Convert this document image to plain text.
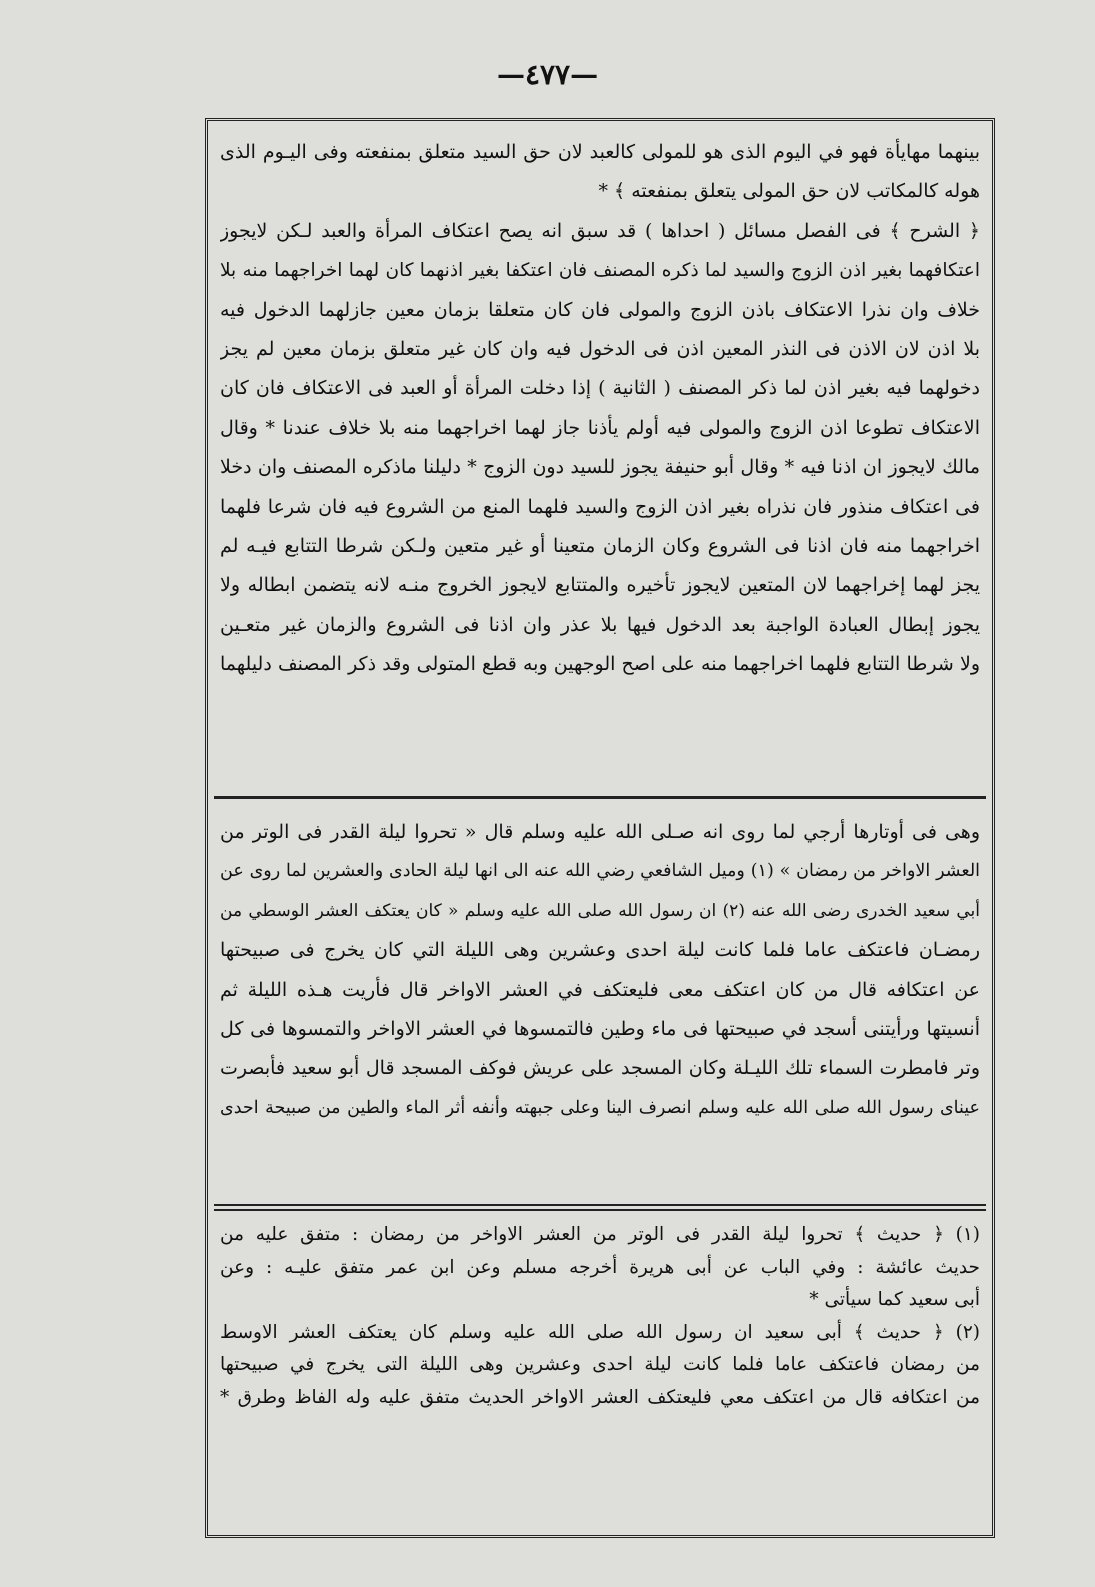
—٤٧٧—
بينهما مهايأة فهو في اليوم الذى هو للمولى كالعبد لان حق السيد متعلق بمنفعته وفى اليـوم الذى
هوله كالمكاتب لان حق المولى يتعلق بمنفعته ﴾ *
﴿ الشرح ﴾ فى الفصل مسائل ( احداها ) قد سبق انه يصح اعتكاف المرأة والعبد لـكن لايجوز
اعتكافهما بغير اذن الزوج والسيد لما ذكره المصنف فان اعتكفا بغير اذنهما كان لهما اخراجهما منه بلا
خلاف وان نذرا الاعتكاف باذن الزوج والمولى فان كان متعلقا بزمان معين جازلهما الدخول فيه
بلا اذن لان الاذن فى النذر المعين اذن فى الدخول فيه وان كان غير متعلق بزمان معين لم يجز
دخولهما فيه بغير اذن لما ذكر المصنف ( الثانية ) إذا دخلت المرأة أو العبد فى الاعتكاف فان كان
الاعتكاف تطوعا اذن الزوج والمولى فيه أولم يأذنا جاز لهما اخراجهما منه بلا خلاف عندنا * وقال
مالك لايجوز ان اذنا فيه * وقال أبو حنيفة يجوز للسيد دون الزوج * دليلنا ماذكره المصنف وان دخلا
فى اعتكاف منذور فان نذراه بغير اذن الزوج والسيد فلهما المنع من الشروع فيه فان شرعا فلهما
اخراجهما منه فان اذنا فى الشروع وكان الزمان متعينا أو غير متعين ولـكن شرطا التتابع فيـه لم
يجز لهما إخراجهما لان المتعين لايجوز تأخيره والمتتابع لايجوز الخروج منـه لانه يتضمن ابطاله ولا
يجوز إبطال العبادة الواجبة بعد الدخول فيها بلا عذر وان اذنا فى الشروع والزمان غير متعـين
ولا شرطا التتابع فلهما اخراجهما منه على اصح الوجهين وبه قطع المتولى وقد ذكر المصنف دليلهما
وهى فى أوتارها أرجي لما روى انه صـلى الله عليه وسلم قال « تحروا ليلة القدر فى الوتر من
العشر الاواخر من رمضان » (١) وميل الشافعي رضي الله عنه الى انها ليلة الحادى والعشرين لما روى عن
أبي سعيد الخدرى رضى الله عنه (٢) ان رسول الله صلى الله عليه وسلم « كان يعتكف العشر الوسطي من
رمضـان فاعتكف عاما فلما كانت ليلة احدى وعشرين وهى الليلة التي كان يخرج فى صبيحتها
عن اعتكافه قال من كان اعتكف معى فليعتكف في العشر الاواخر قال فأريت هـذه الليلة ثم
أنسيتها ورأيتنى أسجد في صبيحتها فى ماء وطين فالتمسوها في العشر الاواخر والتمسوها فى كل
وتر فامطرت السماء تلك الليـلة وكان المسجد على عريش فوكف المسجد قال أبو سعيد فأبصرت
عيناى رسول الله صلى الله عليه وسلم انصرف الينا وعلى جبهته وأنفه أثر الماء والطين من صبيحة احدى
(١) ﴿ حديث ﴾ تحروا ليلة القدر فى الوتر من العشر الاواخر من رمضان : متفق عليه من
حديث عائشة : وفي الباب عن أبى هريرة أخرجه مسلم وعن ابن عمر متفق عليـه : وعن
أبى سعيد كما سيأتى *
(٢) ﴿ حديث ﴾ أبى سعيد ان رسول الله صلى الله عليه وسلم كان يعتكف العشر الاوسط
من رمضان فاعتكف عاما فلما كانت ليلة احدى وعشرين وهى الليلة التى يخرج في صبيحتها
من اعتكافه قال من اعتكف معي فليعتكف العشر الاواخر الحديث متفق عليه وله الفاظ وطرق *
